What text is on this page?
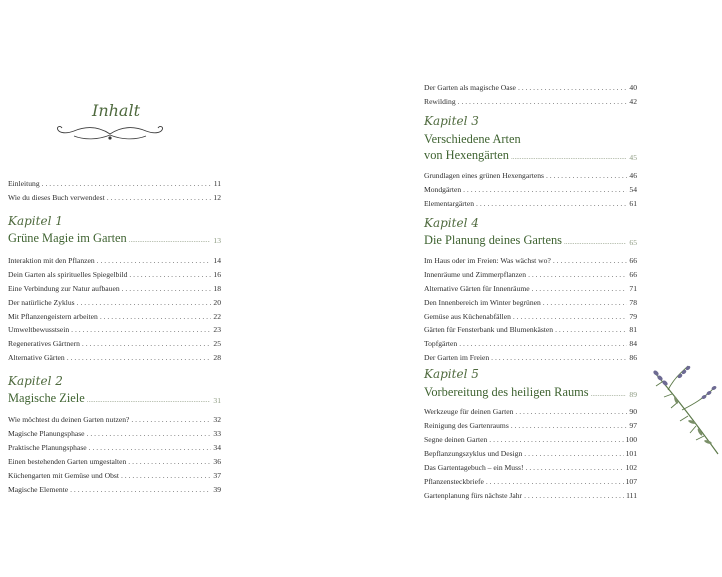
Inhalt
Einleitung . . .	11
Wie du dieses Buch verwendest . . .	12
Kapitel 1
Grüne Magie im Garten .....	13
Interaktion mit den Pflanzen . . .	14
Dein Garten als spirituelles Spiegelbild . . .	16
Eine Verbindung zur Natur aufbauen . . .	18
Der natürliche Zyklus . . .	20
Mit Pflanzengeistern arbeiten . . .	22
Umweltbewusstsein . . .	23
Regeneratives Gärtnern . . .	25
Alternative Gärten . . .	28
Kapitel 2
Magische Ziele .....	31
Wie möchtest du deinen Garten nutzen? . . .	32
Magische Planungsphase . . .	33
Praktische Planungsphase . . .	34
Einen bestehenden Garten umgestalten . . .	36
Küchengarten mit Gemüse und Obst . . .	37
Magische Elemente . . .	39
Der Garten als magische Oase . . .	40
Rewilding . . .	42
Kapitel 3
Verschiedene Arten
von Hexengärten .....	45
Grundlagen eines grünen Hexengartens . . .	46
Mondgärten . . .	54
Elementargärten . . .	61
Kapitel 4
Die Planung deines Gartens .....	65
Im Haus oder im Freien: Was wächst wo? . . .	66
Innenräume und Zimmerpflanzen . . .	66
Alternative Gärten für Innenräume . . .	71
Den Innenbereich im Winter begrünen . . .	78
Gemüse aus Küchenabfällen . . .	79
Gärten für Fensterbank und Blumenkästen . . .	81
Topfgärten . . .	84
Der Garten im Freien . . .	86
Kapitel 5
Vorbereitung des heiligen Raums .....	89
Werkzeuge für deinen Garten . . .	90
Reinigung des Gartenraums . . .	97
Segne deinen Garten . . .	100
Bepflanzungszyklus und Design . . .	101
Das Gartentagebuch – ein Muss! . . .	102
Pflanzensteckbriefe . . .	107
Gartenplanung fürs nächste Jahr . . .	111
